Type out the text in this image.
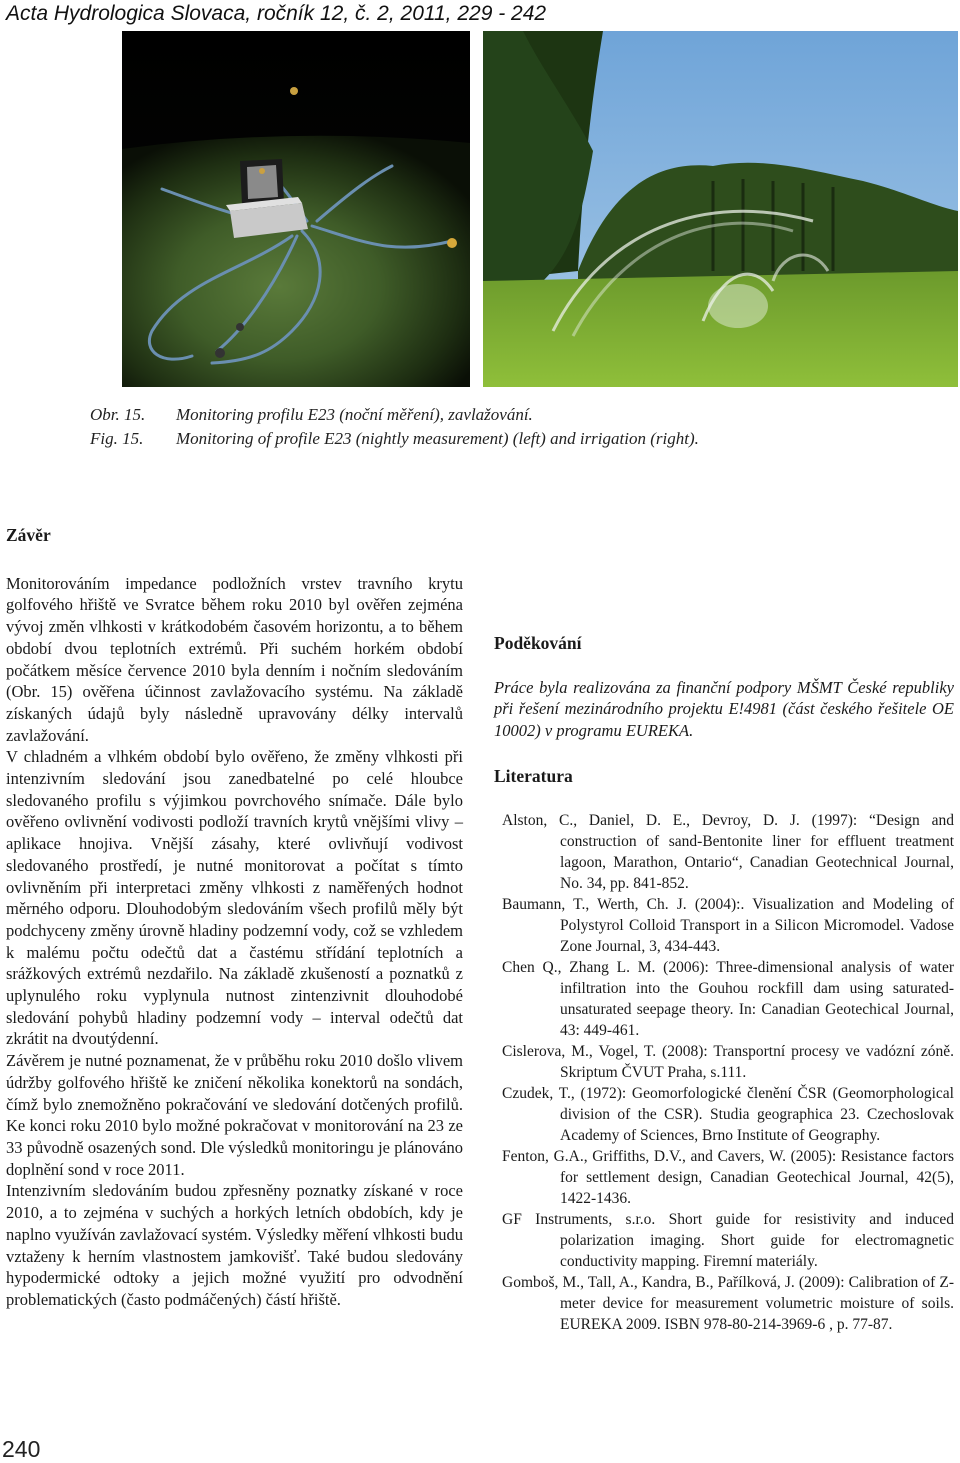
Acta Hydrologica Slovaca, ročník 12, č. 2, 2011, 229 - 242
Obr. 15. Monitoring profilu E23 (noční měření), zavlažování.
Fig. 15. Monitoring of profile E23 (nightly measurement) (left) and irrigation (right).
Závěr

Monitorováním impedance podložních vrstev travního krytu golfového hřiště ve Svratce během roku 2010 byl ověřen zejména vývoj změn vlhkosti v krátkodobém časovém horizontu, a to během období dvou teplotních extrémů. Při suchém horkém období počátkem měsíce července 2010 byla denním i nočním sledováním (Obr. 15) ověřena účinnost zavlažovacího systému. Na základě získaných údajů byly následně upravovány délky intervalů zavlažování.

V chladném a vlhkém období bylo ověřeno, že změny vlhkosti při intenzivním sledování jsou zanedbatelné po celé hloubce sledovaného profilu s výjimkou povrchového snímače. Dále bylo ověřeno ovlivnění vodivosti podloží travních krytů vnějšími vlivy – aplikace hnojiva. Vnější zásahy, které ovlivňují vodivost sledovaného prostředí, je nutné monitorovat a počítat s tímto ovlivněním při interpretaci změny vlhkosti z naměřených hodnot měrného odporu. Dlouhodobým sledováním všech profilů měly být podchyceny změny úrovně hladiny podzemní vody, což se vzhledem k malému počtu odečtů dat a častému střídání teplotních a srážkových extrémů nezdařilo. Na základě zkušeností a poznatků z uplynulého roku vyplynula nutnost zintenzivnit dlouhodobé sledování pohybů hladiny podzemní vody – interval odečtů dat zkrátit na dvoutýdenní.

Závěrem je nutné poznamenat, že v průběhu roku 2010 došlo vlivem údržby golfového hřiště ke zničení několika konektorů na sondách, čímž bylo znemožněno pokračování ve sledování dotčených profilů. Ke konci roku 2010 bylo možné pokračovat v monitorování na 23 ze 33 původně osazených sond. Dle výsledků monitoringu je plánováno doplnění sond v roce 2011.

Intenzivním sledováním budou zpřesněny poznatky získané v roce 2010, a to zejména v suchých a horkých letních obdobích, kdy je naplno využíván zavlažovací systém. Výsledky měření vlhkosti budu vztaženy k herním vlastnostem jamkovišť. Také budou sledovány hypodermické odtoky a jejich možné využití pro odvodnění problematických (často podmáčených) částí hřiště.

Poděkování

Práce byla realizována za finanční podpory MŠMT České republiky při řešení mezinárodního projektu E!4981 (část českého řešitele OE 10002) v programu EUREKA.

Literatura

Alston, C., Daniel, D. E., Devroy, D. J. (1997): “Design and construction of sand-Bentonite liner for effluent treatment lagoon, Marathon, Ontario“, Canadian Geotechnical Journal, No. 34, pp. 841-852.

Baumann, T., Werth, Ch. J. (2004):. Visualization and Modeling of Polystyrol Colloid Transport in a Silicon Micromodel. Vadose Zone Journal, 3, 434-443.

Chen Q., Zhang L. M. (2006): Three-dimensional analysis of water infiltration into the Gouhou rockfill dam using saturated-unsaturated seepage theory. In: Canadian Geotechical Journal, 43: 449-461.

Cislerova, M., Vogel, T. (2008): Transportní procesy ve vadózní zóně. Skriptum ČVUT Praha, s.111.

Czudek, T., (1972): Geomorfologické členění ČSR (Geomorphological division of the CSR). Studia geographica 23. Czechoslovak Academy of Sciences, Brno Institute of Geography.

Fenton, G.A., Griffiths, D.V., and Cavers, W. (2005): Resistance factors for settlement design, Canadian Geotechical Journal, 42(5), 1422-1436.

GF Instruments, s.r.o. Short guide for resistivity and induced polarization imaging. Short guide for electromagnetic conductivity mapping. Firemní materiály.

Gomboš, M., Tall, A., Kandra, B., Pařílková, J. (2009): Calibration of Z-meter device for measurement volumetric moisture of soils. EUREKA 2009. ISBN 978-80-214-3969-6 , p. 77-87.

240
